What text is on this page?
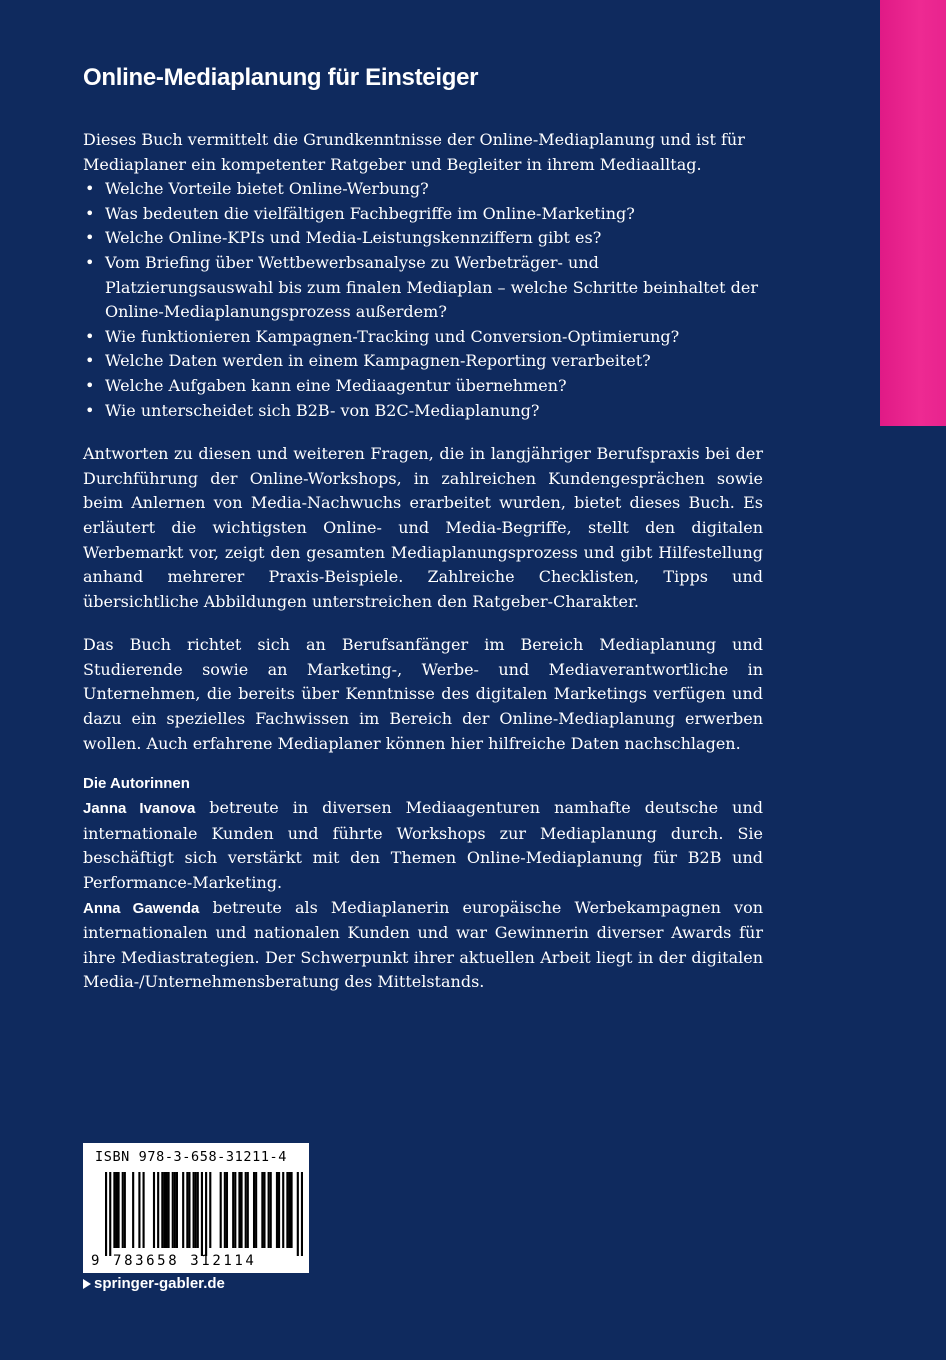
Online-Mediaplanung für Einsteiger

Dieses Buch vermittelt die Grundkenntnisse der Online-Mediaplanung und ist für Mediaplaner ein kompetenter Ratgeber und Begleiter in ihrem Mediaalltag.

• Welche Vorteile bietet Online-Werbung?
• Was bedeuten die vielfältigen Fachbegriffe im Online-Marketing?
• Welche Online-KPIs und Media-Leistungskennziffern gibt es?
• Vom Briefing über Wettbewerbsanalyse zu Werbeträger- und Platzierungsauswahl bis zum finalen Mediaplan – welche Schritte beinhaltet der Online-Mediaplanungsprozess außerdem?
• Wie funktionieren Kampagnen-Tracking und Conversion-Optimierung?
• Welche Daten werden in einem Kampagnen-Reporting verarbeitet?
• Welche Aufgaben kann eine Mediaagentur übernehmen?
• Wie unterscheidet sich B2B- von B2C-Mediaplanung?

Antworten zu diesen und weiteren Fragen, die in langjähriger Berufspraxis bei der Durchführung der Online-Workshops, in zahlreichen Kundengesprächen sowie beim Anlernen von Media-Nachwuchs erarbeitet wurden, bietet dieses Buch. Es erläutert die wichtigsten Online- und Media-Begriffe, stellt den digitalen Werbemarkt vor, zeigt den gesamten Mediaplanungsprozess und gibt Hilfestellung anhand mehrerer Praxis-Beispiele. Zahlreiche Checklisten, Tipps und übersichtliche Abbildungen unterstreichen den Ratgeber-Charakter.

Das Buch richtet sich an Berufsanfänger im Bereich Mediaplanung und Studierende sowie an Marketing-, Werbe- und Mediaverantwortliche in Unternehmen, die bereits über Kenntnisse des digitalen Marketings verfügen und dazu ein spezielles Fachwissen im Bereich der Online-Mediaplanung erwerben wollen. Auch erfahrene Mediaplaner können hier hilfreiche Daten nachschlagen.

Die Autorinnen

Janna Ivanova betreute in diversen Mediaagenturen namhafte deutsche und internationale Kunden und führte Workshops zur Mediaplanung durch. Sie beschäftigt sich verstärkt mit den Themen Online-Mediaplanung für B2B und Performance-Marketing.

Anna Gawenda betreute als Mediaplanerin europäische Werbekampagnen von internationalen und nationalen Kunden und war Gewinnerin diverser Awards für ihre Mediastrategien. Der Schwerpunkt ihrer aktuellen Arbeit liegt in der digitalen Media-/Unternehmensberatung des Mittelstands.

ISBN 978-3-658-31211-4
9 783658 312114
springer-gabler.de
